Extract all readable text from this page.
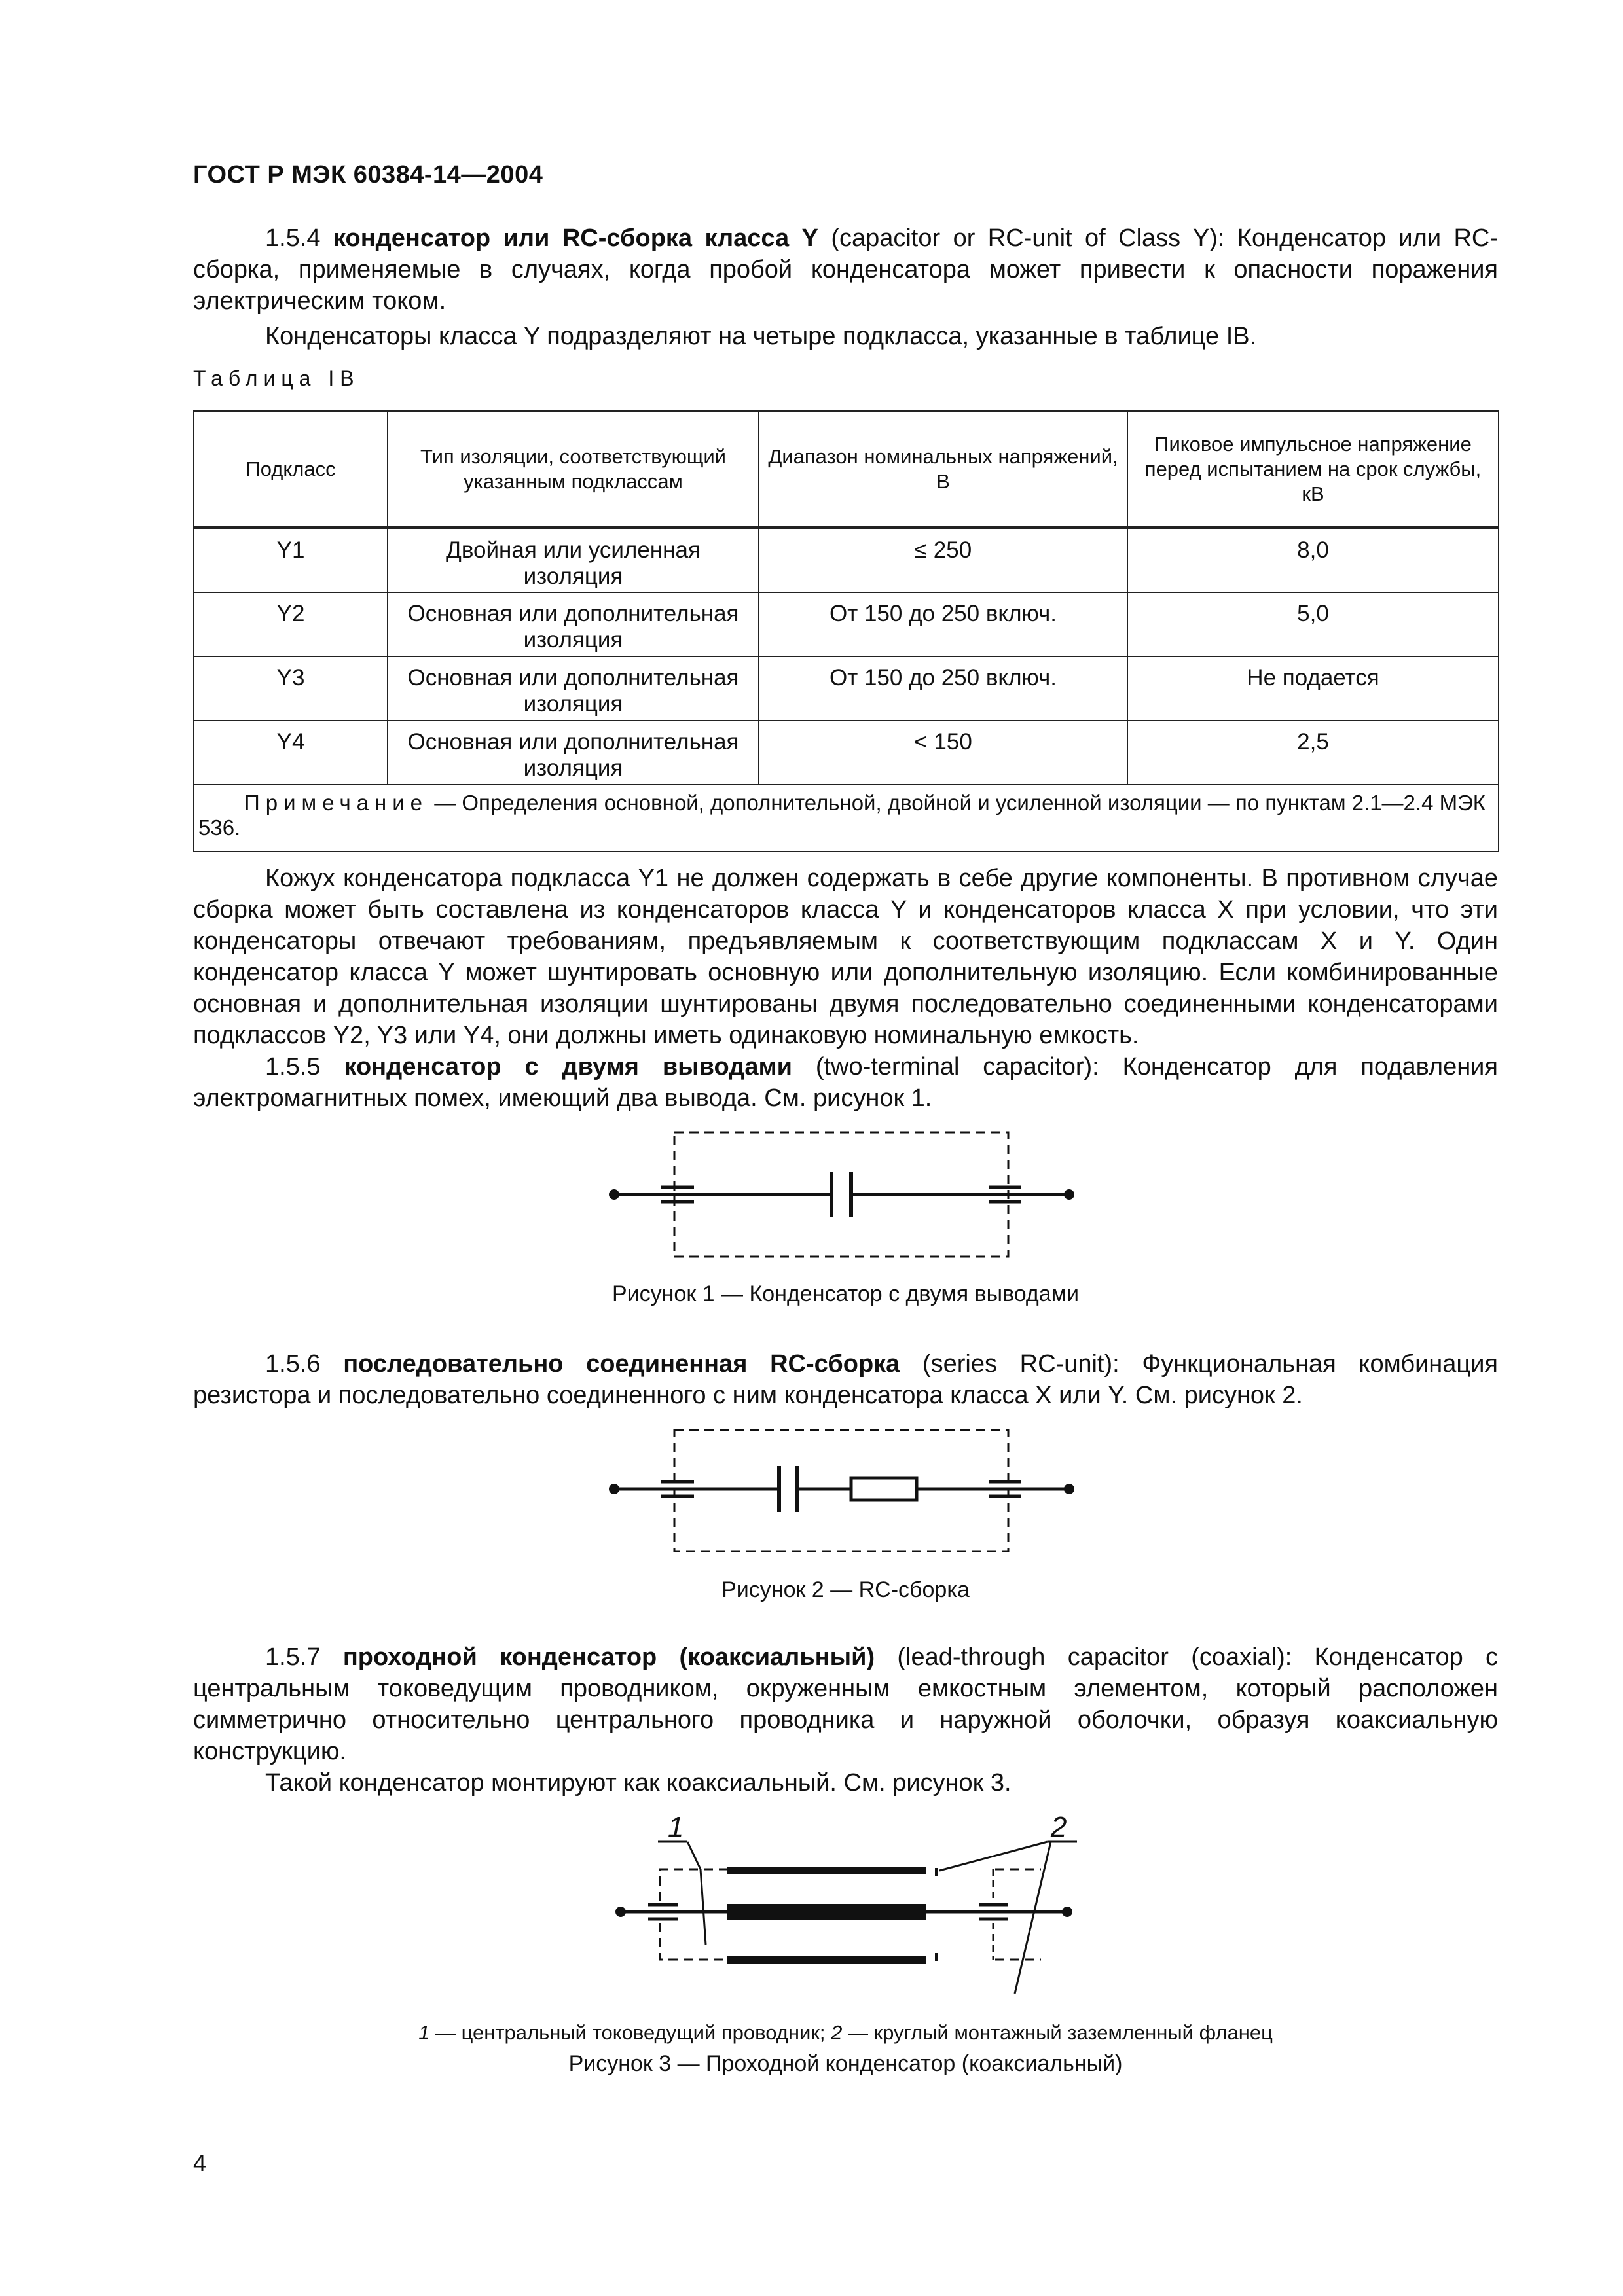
ГОСТ Р МЭК 60384-14—2004

1.5.4 конденсатор или RC-сборка класса Y (capacitor or RC-unit of Class Y): Конденсатор или RC-сборка, применяемые в случаях, когда пробой конденсатора может привести к опасности поражения электрическим током.

Конденсаторы класса Y подразделяют на четыре подкласса, указанные в таблице IB.

Таблица IB
Подкласс	Тип изоляции, соответствующий указанным подклассам	Диапазон номинальных напряжений, В	Пиковое импульсное напряжение перед испытанием на срок службы, кВ
Y1	Двойная или усиленная изоляция	≤ 250	8,0
Y2	Основная или дополнительная изоляция	От 150 до 250 включ.	5,0
Y3	Основная или дополнительная изоляция	От 150 до 250 включ.	Не подается
Y4	Основная или дополнительная изоляция	< 150	2,5
Примечание — Определения основной, дополнительной, двойной и усиленной изоляции — по пунктам 2.1—2.4 МЭК 536.			

Кожух конденсатора подкласса Y1 не должен содержать в себе другие компоненты. В противном случае сборка может быть составлена из конденсаторов класса Y и конденсаторов класса X при условии, что эти конденсаторы отвечают требованиям, предъявляемым к соответствующим подклассам X и Y. Один конденсатор класса Y может шунтировать основную или дополнительную изоляцию. Если комбинированные основная и дополнительная изоляции шунтированы двумя последовательно соединенными конденсаторами подклассов Y2, Y3 или Y4, они должны иметь одинаковую номинальную емкость.

1.5.5 конденсатор с двумя выводами (two-terminal capacitor): Конденсатор для подавления электромагнитных помех, имеющий два вывода. См. рисунок 1.

Рисунок 1 — Конденсатор с двумя выводами

1.5.6 последовательно соединенная RC-сборка (series RC-unit): Функциональная комбинация резистора и последовательно соединенного с ним конденсатора класса X или Y. См. рисунок 2.

Рисунок 2 — RC-сборка

1.5.7 проходной конденсатор (коаксиальный) (lead-through capacitor (coaxial): Конденсатор с центральным токоведущим проводником, окруженным емкостным элементом, который расположен симметрично относительно центрального проводника и наружной оболочки, образуя коаксиальную конструкцию.

Такой конденсатор монтируют как коаксиальный. См. рисунок 3.

1	2
1 — центральный токоведущий проводник; 2 — круглый монтажный заземленный фланец
Рисунок 3 — Проходной конденсатор (коаксиальный)
4
